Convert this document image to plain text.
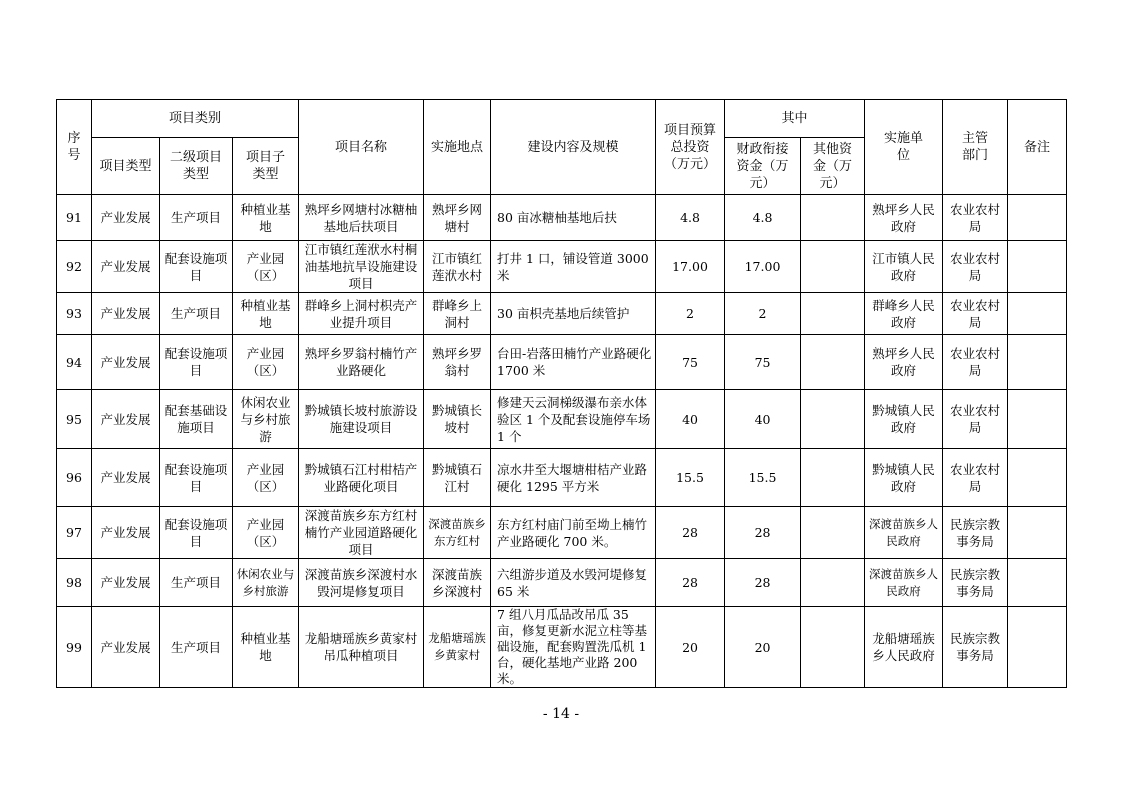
序号	项目类别			项目名称	实施地点	建设内容及规模	项目预算总投资（万元）	其中		实施单位	主管部门	备注
	项目类型	二级项目类型	项目子类型					财政衔接资金（万元）	其他资金（万元）			
91	产业发展	生产项目	种植业基地	熟坪乡网塘村冰糖柚基地后扶项目	熟坪乡网塘村	80 亩冰糖柚基地后扶	4.8	4.8		熟坪乡人民政府	农业农村局	
92	产业发展	配套设施项目	产业园（区）	江市镇红莲洑水村桐油基地抗旱设施建设项目	江市镇红莲洑水村	打井 1 口，铺设管道 3000 米	17.00	17.00		江市镇人民政府	农业农村局	
93	产业发展	生产项目	种植业基地	群峰乡上洞村枳壳产业提升项目	群峰乡上洞村	30 亩枳壳基地后续管护	2	2		群峰乡人民政府	农业农村局	
94	产业发展	配套设施项目	产业园（区）	熟坪乡罗翁村楠竹产业路硬化	熟坪乡罗翁村	台田-岩落田楠竹产业路硬化 1700 米	75	75		熟坪乡人民政府	农业农村局	
95	产业发展	配套基础设施项目	休闲农业与乡村旅游	黔城镇长坡村旅游设施建设项目	黔城镇长坡村	修建天云洞梯级瀑布亲水体验区 1 个及配套设施停车场 1 个	40	40		黔城镇人民政府	农业农村局	
96	产业发展	配套设施项目	产业园（区）	黔城镇石江村柑桔产业路硬化项目	黔城镇石江村	凉水井至大堰塘柑桔产业路硬化 1295 平方米	15.5	15.5		黔城镇人民政府	农业农村局	
97	产业发展	配套设施项目	产业园（区）	深渡苗族乡东方红村楠竹产业园道路硬化项目	深渡苗族乡东方红村	东方红村庙门前至坳上楠竹产业路硬化 700 米。	28	28		深渡苗族乡人民政府	民族宗教事务局	
98	产业发展	生产项目	休闲农业与乡村旅游	深渡苗族乡深渡村水毁河堤修复项目	深渡苗族乡深渡村	六组游步道及水毁河堤修复 65 米	28	28		深渡苗族乡人民政府	民族宗教事务局	
99	产业发展	生产项目	种植业基地	龙船塘瑶族乡黄家村吊瓜种植项目	龙船塘瑶族乡黄家村	7 组八月瓜品改吊瓜 35 亩，修复更新水泥立柱等基础设施，配套购置洗瓜机 1 台，硬化基地产业路 200 米。	20	20		龙船塘瑶族乡人民政府	民族宗教事务局	
- 14 -
